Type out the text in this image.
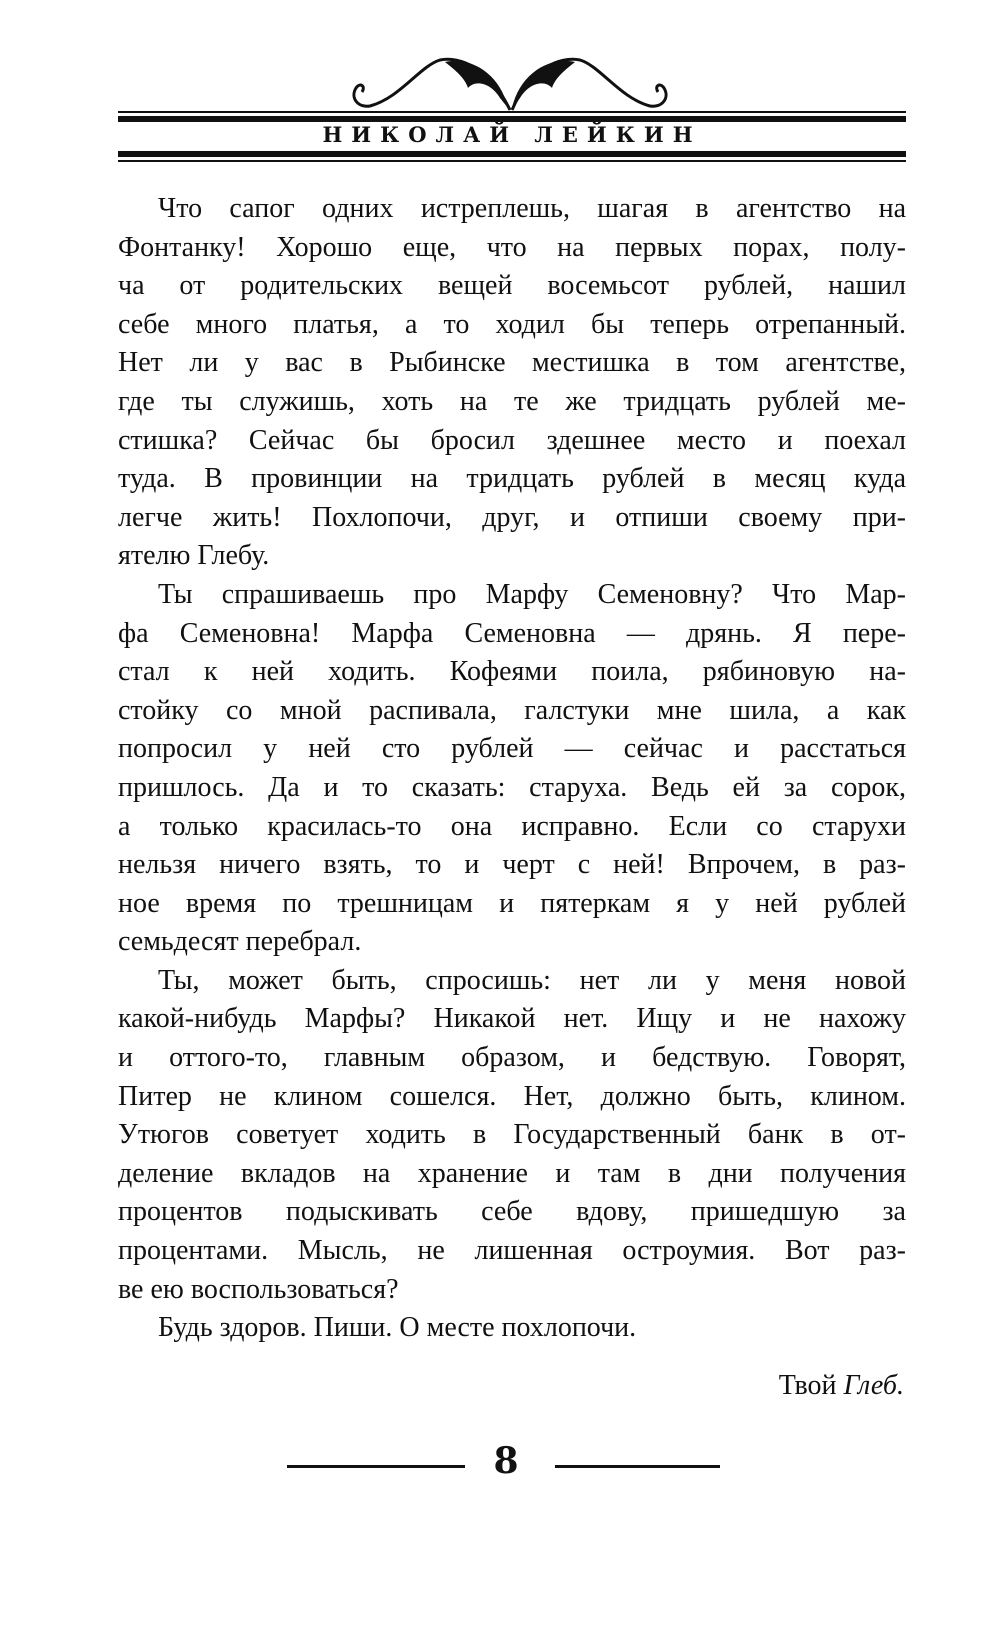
НИКОЛАЙ ЛЕЙКИН
Что сапог одних истреплешь, шагая в агентство на
Фонтанку! Хорошо еще, что на первых порах, полу-
ча от родительских вещей восемьсот рублей, нашил
себе много платья, а то ходил бы теперь отрепанный.
Нет ли у вас в Рыбинске местишка в том агентстве,
где ты служишь, хоть на те же тридцать рублей ме-
стишка? Сейчас бы бросил здешнее место и поехал
туда. В провинции на тридцать рублей в месяц куда
легче жить! Похлопочи, друг, и отпиши своему при-
ятелю Глебу.
Ты спрашиваешь про Марфу Семеновну? Что Мар-
фа Семеновна! Марфа Семеновна — дрянь. Я пере-
стал к ней ходить. Кофеями поила, рябиновую на-
стойку со мной распивала, галстуки мне шила, а как
попросил у ней сто рублей — сейчас и расстаться
пришлось. Да и то сказать: старуха. Ведь ей за сорок,
а только красилась-то она исправно. Если со старухи
нельзя ничего взять, то и черт с ней! Впрочем, в раз-
ное время по трешницам и пятеркам я у ней рублей
семьдесят перебрал.
Ты, может быть, спросишь: нет ли у меня новой
какой-нибудь Марфы? Никакой нет. Ищу и не нахожу
и оттого-то, главным образом, и бедствую. Говорят,
Питер не клином сошелся. Нет, должно быть, клином.
Утюгов советует ходить в Государственный банк в от-
деление вкладов на хранение и там в дни получения
процентов подыскивать себе вдову, пришедшую за
процентами. Мысль, не лишенная остроумия. Вот раз-
ве ею воспользоваться?
Будь здоров. Пиши. О месте похлопочи.
Твой Глеб.
8
